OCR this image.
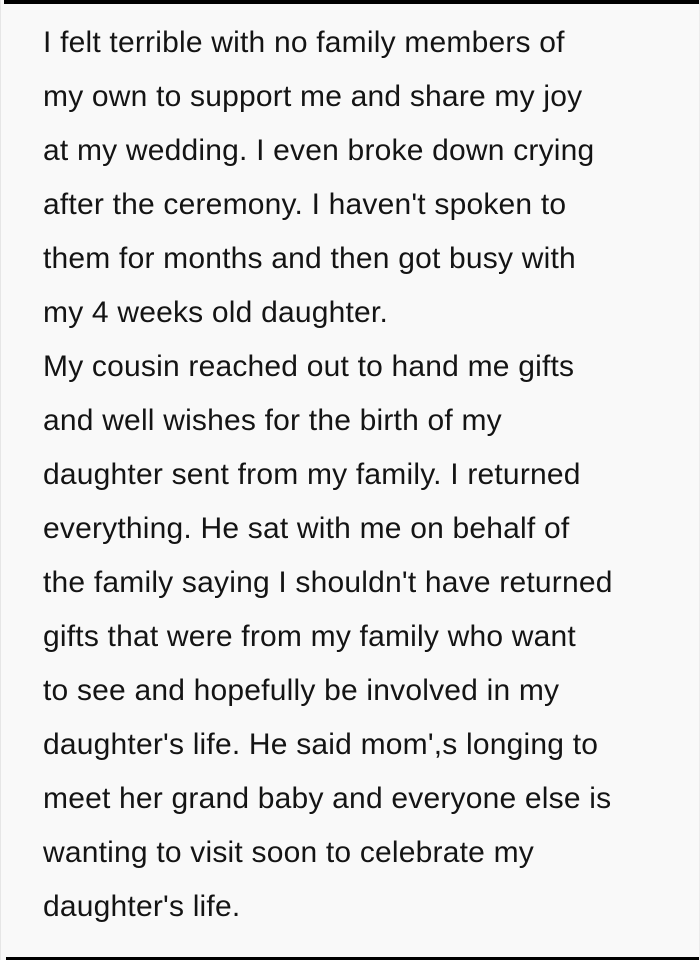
I felt terrible with no family members of
my own to support me and share my joy
at my wedding. I even broke down crying
after the ceremony. I haven't spoken to
them for months and then got busy with
my 4 weeks old daughter.
My cousin reached out to hand me gifts
and well wishes for the birth of my
daughter sent from my family. I returned
everything. He sat with me on behalf of
the family saying I shouldn't have returned
gifts that were from my family who want
to see and hopefully be involved in my
daughter's life. He said mom',s longing to
meet her grand baby and everyone else is
wanting to visit soon to celebrate my
daughter's life.
